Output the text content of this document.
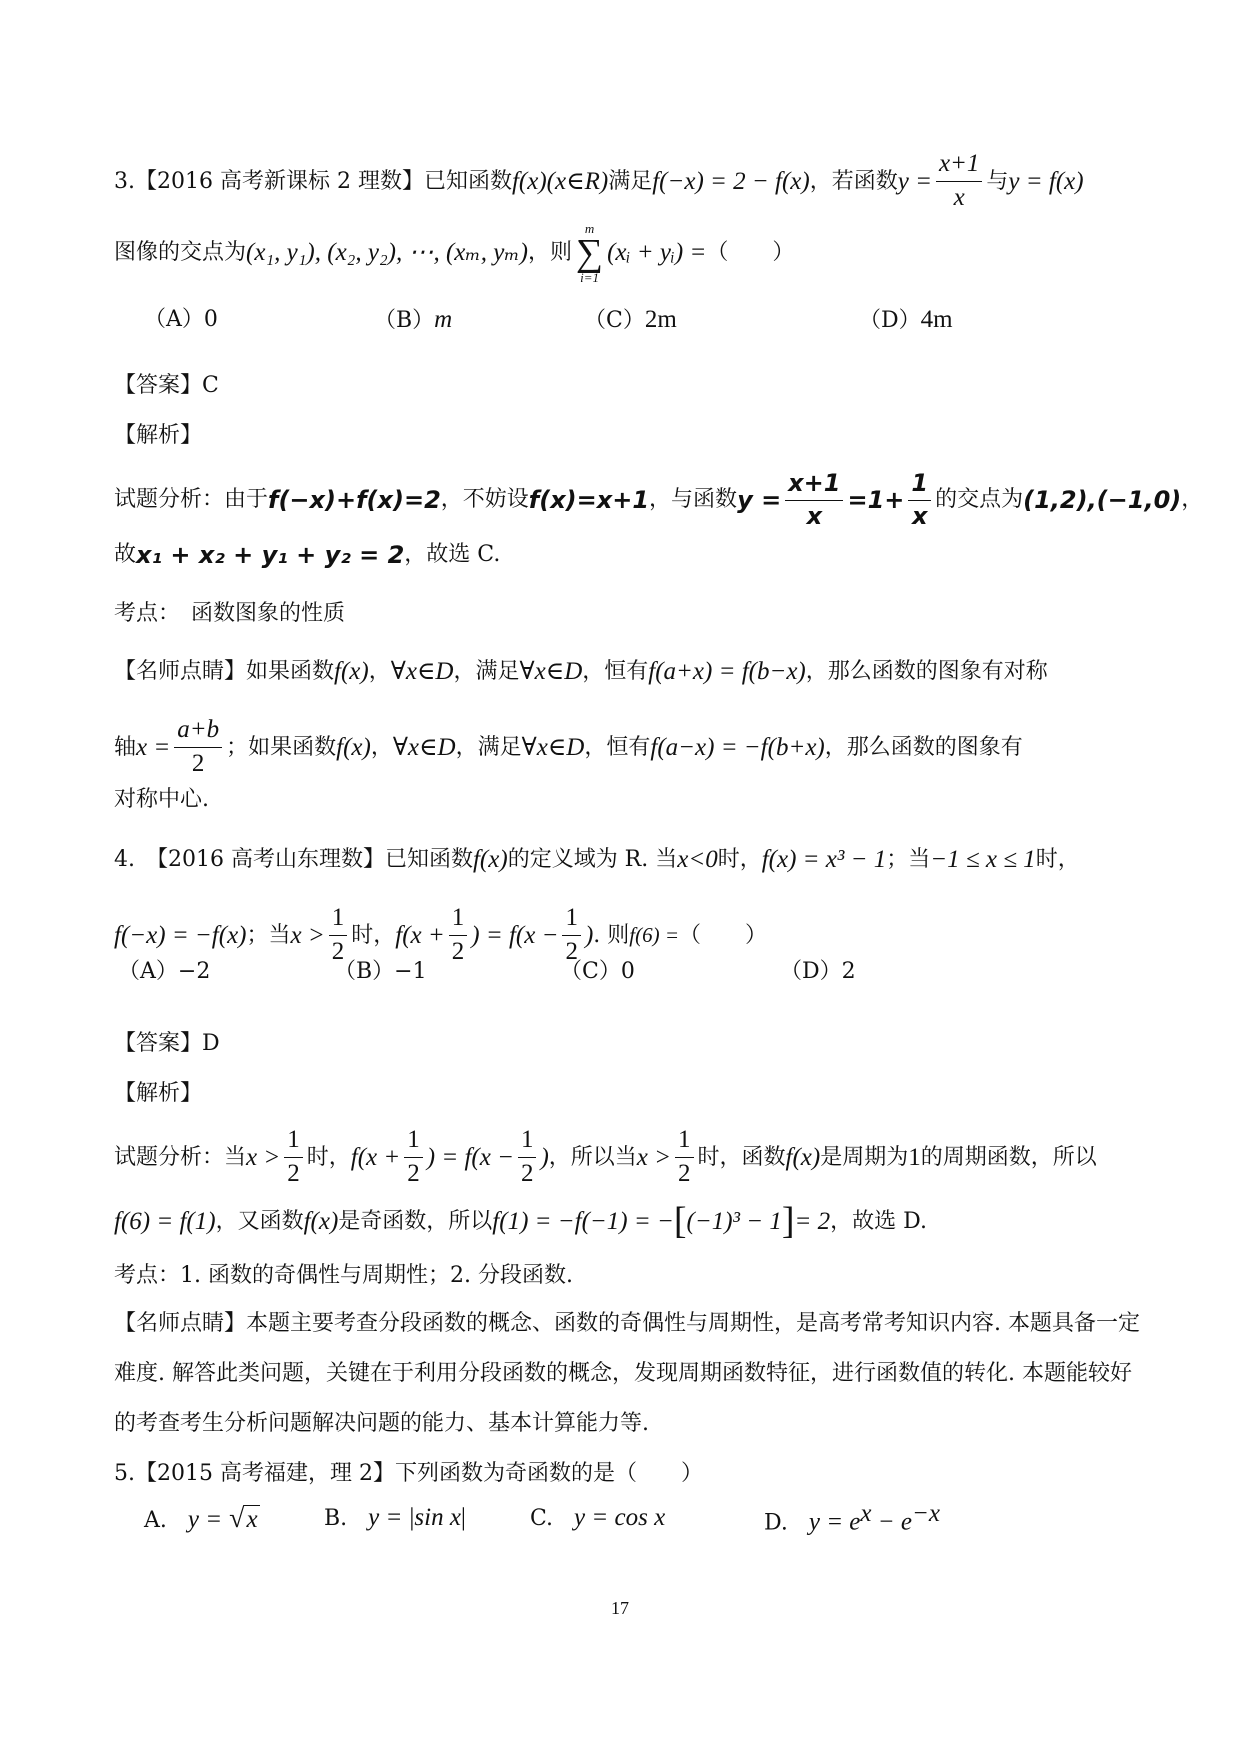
3.【2016 高考新课标 2 理数】已知函数 f(x)(x∈R) 满足 f(−x) = 2 − f(x) ，若函数 $y = \frac{x+1}{x}$ 与 y = f(x)
图像的交点为 (x₁, y₁), (x₂, y₂), ⋯, (xₘ, yₘ) ，则
m
∑
i=1
(xᵢ + yᵢ) = （　　）
（A）0	（B）m	（C）2m	（D）4m
【答案】C
【解析】
试题分析：由于 f(−x)+f(x)=2 ，不妨设 f(x)=x+1 ，与函数 $y = \frac{x+1}{x} =1+ \frac{1}{x}$ 的交点为 (1,2),(−1,0) ，
故 x₁ + x₂ + y₁ + y₂ = 2 ，故选 C.
考点：　函数图象的性质
【名师点睛】如果函数 f(x) ， ∀x∈D ，满足 ∀x∈D ，恒有 f(a+x) = f(b−x) ，那么函数的图象有对称
轴 $x = \frac{a+b}{2}$ ；如果函数 f(x) ， ∀x∈D ，满足 ∀x∈D ，恒有 f(a−x) = −f(b+x) ，那么函数的图象有
对称中心.
4.　【2016 高考山东理数】已知函数 f(x) 的定义域为 R. 当 x<0 时， f(x) = x³ − 1 ；当 −1 ≤ x ≤ 1 时，
f(−x) = −f(x) ；当 $x > \frac{1}{2}$ 时， $f(x + \frac{1}{2}$ ) = $f(x - \frac{1}{2}$ ) . 则 f(6) = （　　）
（A）−2	（B）−1	（C）0	（D）2
【答案】D
【解析】
试题分析：当 $x > \frac{1}{2}$ 时， $f(x + \frac{1}{2}$ ) = $f(x - \frac{1}{2}$ ) ，所以当 $x > \frac{1}{2}$ 时，函数 f(x) 是周期为 1 的周期函数，所以
f(6) = f(1) ，又函数 f(x) 是奇函数，所以 f(1) = −f(−1) = − [ (−1)³ − 1 ] = 2 ，故选 D.
考点：1. 函数的奇偶性与周期性；2. 分段函数.
【名师点睛】本题主要考查分段函数的概念、函数的奇偶性与周期性，是高考常考知识内容. 本题具备一定
难度. 解答此类问题，关键在于利用分段函数的概念，发现周期函数特征，进行函数值的转化. 本题能较好
的考查考生分析问题解决问题的能力、基本计算能力等.
5.【2015 高考福建，理 2】下列函数为奇函数的是（　　）
A. y = √x	B. y = |sin x|	C. y = cos x	D. $y = e^x - e^{-x}$
17
